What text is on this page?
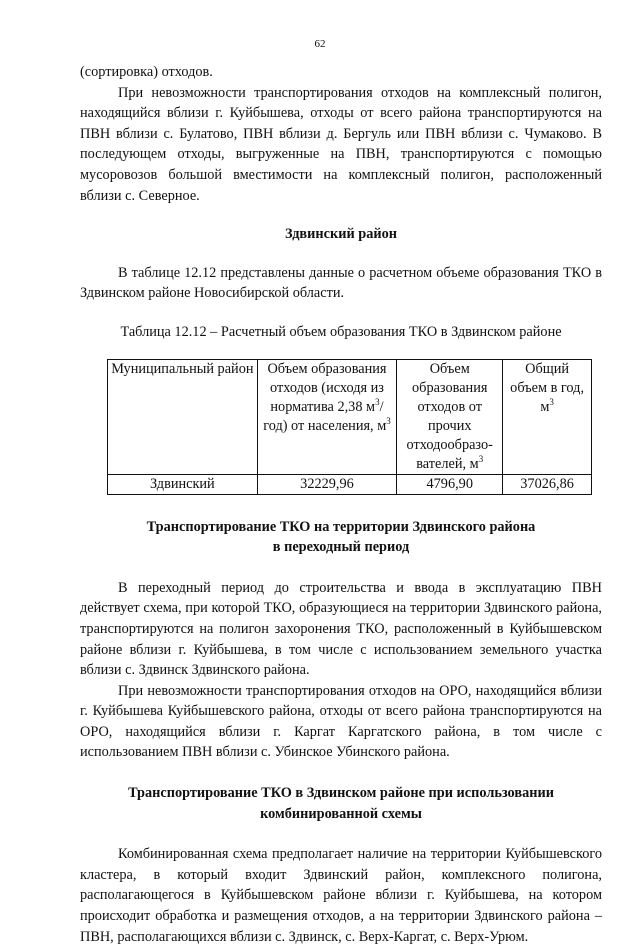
62

(сортировка) отходов.

При невозможности транспортирования отходов на комплексный полигон, находящийся вблизи г. Куйбышева, отходы от всего района транспортируются на ПВН вблизи с. Булатово, ПВН вблизи д. Бергуль или ПВН вблизи с. Чумаково. В последующем отходы, выгруженные на ПВН, транспортируются с помощью мусоровозов большой вместимости на комплексный полигон, расположенный вблизи с. Северное.

Здвинский район

В таблице 12.12 представлены данные о расчетном объеме образования ТКО в Здвинском районе Новосибирской области.

Таблица 12.12 – Расчетный объем образования ТКО в Здвинском районе

Муниципальный район	Объем образования отходов (исходя из норматива 2,38 $м^3/год$) от населения, $м^3$	Объем образования отходов от прочих отходообразо-вателей, $м^3$	Общий объем в год, $м^3$
Здвинский	32229,96	4796,90	37026,86

Транспортирование ТКО на территории Здвинского района

в переходный период

В переходный период до строительства и ввода в эксплуатацию ПВН действует схема, при которой ТКО, образующиеся на территории Здвинского района, транспортируются на полигон захоронения ТКО, расположенный в Куйбышевском районе вблизи г. Куйбышева, в том числе с использованием земельного участка вблизи с. Здвинск Здвинского района.

При невозможности транспортирования отходов на ОРО, находящийся вблизи г. Куйбышева Куйбышевского района, отходы от всего района транспортируются на ОРО, находящийся вблизи г. Каргат Каргатского района, в том числе с использованием ПВН вблизи с. Убинское Убинского района.

Транспортирование ТКО в Здвинском районе при использовании

комбинированной схемы

Комбинированная схема предполагает наличие на территории Куйбышевского кластера, в который входит Здвинский район, комплексного полигона, располагающегося в Куйбышевском районе вблизи г. Куйбышева, на котором происходит обработка и размещения отходов, а на территории Здвинского района – ПВН, располагающихся вблизи с. Здвинск, с. Верх-Каргат, с. Верх-Урюм.
